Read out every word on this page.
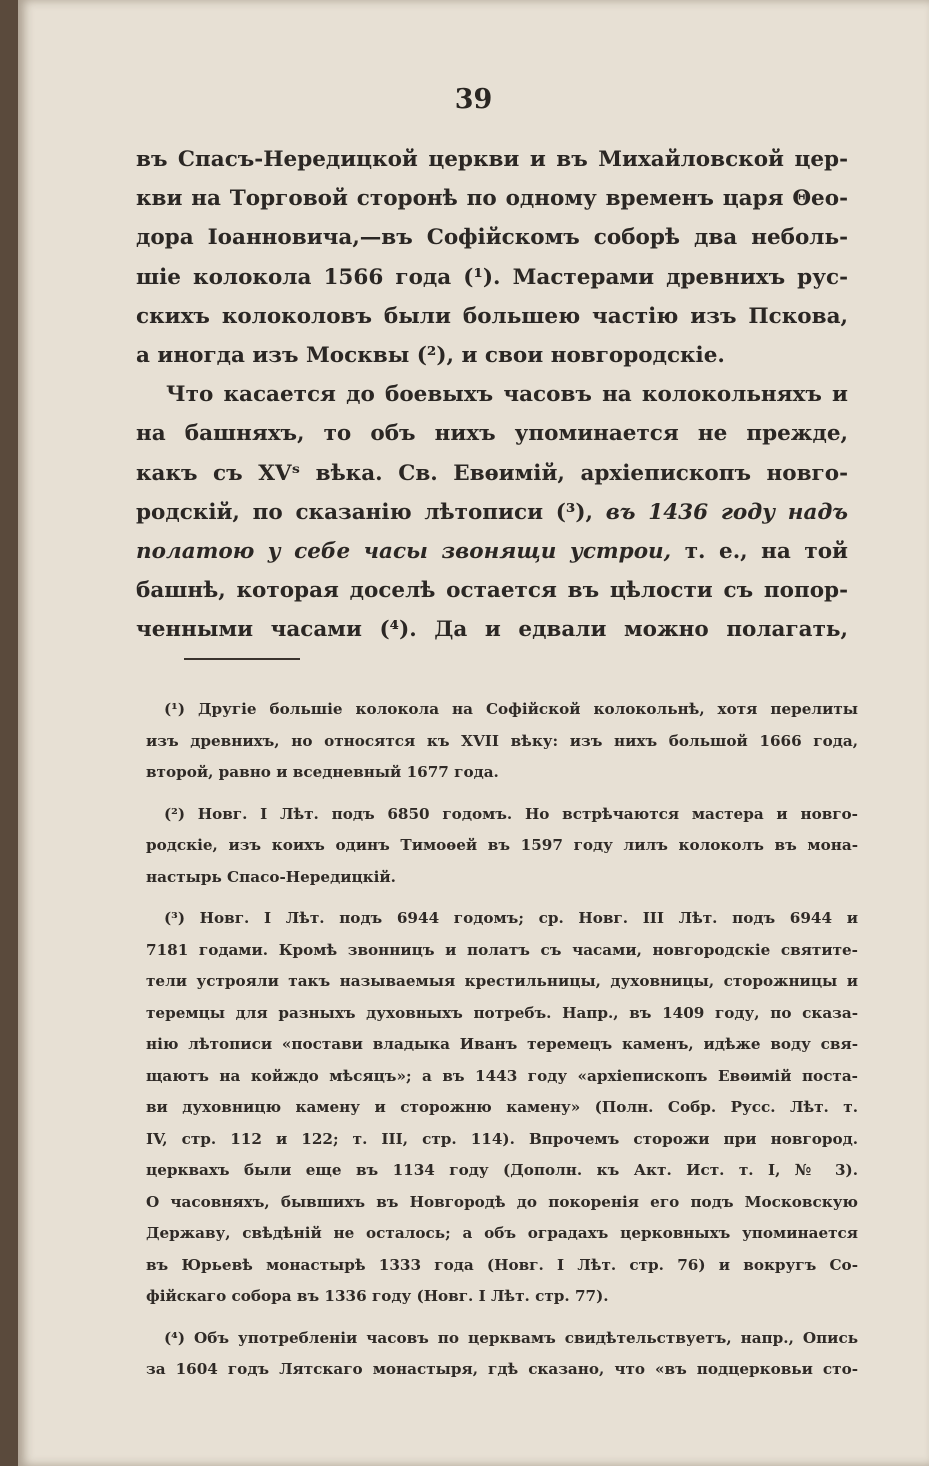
39
въ Спасъ-Нередицкой церкви и въ Михайловской цер-
кви на Торговой сторонѣ по одному временъ царя Θео-
дора Іоанновича,—въ Софійскомъ соборѣ два неболь-
шіе колокола 1566 года (¹). Мастерами древнихъ рус-
скихъ колоколовъ были большею частію изъ Пскова,
а иногда изъ Москвы (²), и свои новгородскіе.
Что касается до боевыхъ часовъ на колокольняхъ и
на башняхъ, то объ нихъ упоминается не прежде,
какъ съ XVˢ вѣка. Св. Евѳимій, архіепископъ новго-
родскій, по сказанію лѣтописи (³), въ 1436 году надъ
полатою у себе часы звонящи устрои, т. е., на той
башнѣ, которая доселѣ остается въ цѣлости съ попор-
ченными часами (⁴). Да и едвали можно полагать,
(¹) Другіе большіе колокола на Софійской колокольнѣ, хотя перелиты
изъ древнихъ, но относятся къ XVII вѣку: изъ нихъ большой 1666 года,
второй, равно и вседневный 1677 года.
(²) Новг. I Лѣт. подъ 6850 годомъ. Но встрѣчаются мастера и новго-
родскіе, изъ коихъ одинъ Тимоѳей въ 1597 году лилъ колоколъ въ мона-
настырь Спасо-Нередицкій.
(³) Новг. I Лѣт. подъ 6944 годомъ; ср. Новг. III Лѣт. подъ 6944 и
7181 годами. Кромѣ звонницъ и полатъ съ часами, новгородскіе святите-
тели устрояли такъ называемыя крестильницы, духовницы, сторожницы и
теремцы для разныхъ духовныхъ потребъ. Напр., въ 1409 году, по сказа-
нію лѣтописи «постави владыка Иванъ теремецъ каменъ, идѣже воду свя-
щаютъ на койждо мѣсяцъ»; а въ 1443 году «архіепископъ Евѳимій поста-
ви духовницю камену и сторожню камену» (Полн. Собр. Русс. Лѣт. т.
IV, стр. 112 и 122; т. III, стр. 114). Впрочемъ сторожи при новгород.
церквахъ были еще въ 1134 году (Дополн. къ Акт. Ист. т. I, № 3).
О часовняхъ, бывшихъ въ Новгородѣ до покоренія его подъ Московскую
Державу, свѣдѣній не осталось; а объ оградахъ церковныхъ упоминается
въ Юрьевѣ монастырѣ 1333 года (Новг. I Лѣт. стр. 76) и вокругъ Со-
фійскаго собора въ 1336 году (Новг. I Лѣт. стр. 77).
(⁴) Объ употребленіи часовъ по церквамъ свидѣтельствуетъ, напр., Опись
за 1604 годъ Лятскаго монастыря, гдѣ сказано, что «въ подцерковьи сто-
